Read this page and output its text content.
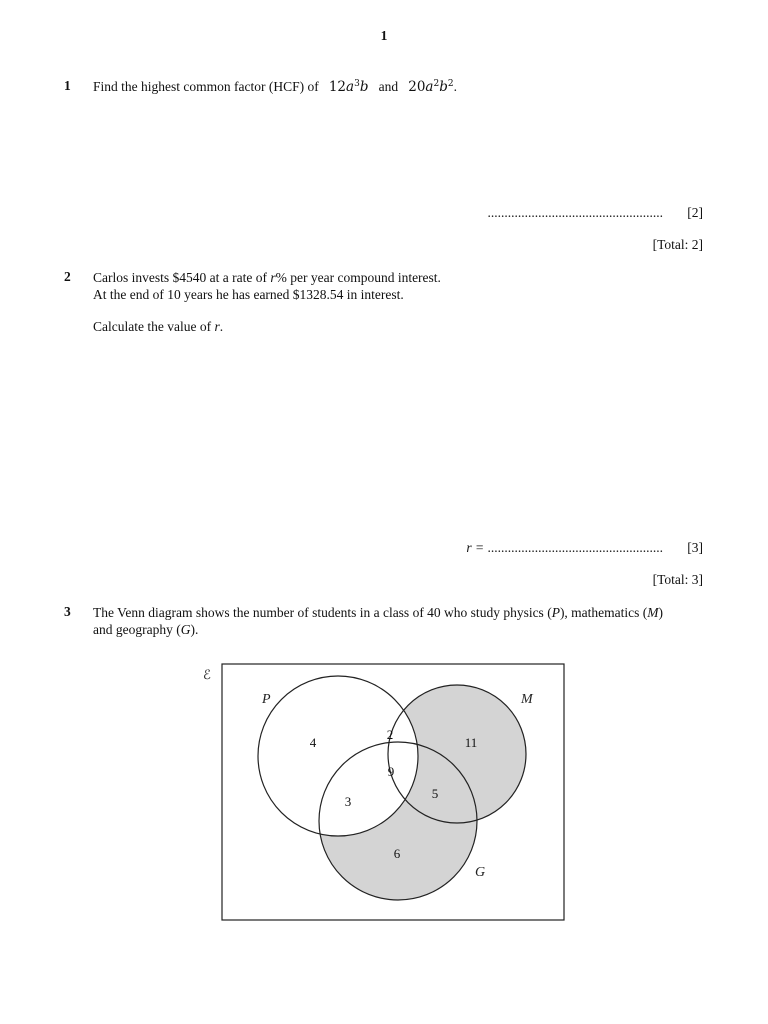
1
1 Find the highest common factor (HCF) of $12a^3b$ and $20a^2b^2$.
.................................................... [2]
[Total: 2]
2 Carlos invests $4540 at a rate of r% per year compound interest.
At the end of 10 years he has earned $1328.54 in interest.
Calculate the value of r.
r = .................................................... [3]
[Total: 3]
3 The Venn diagram shows the number of students in a class of 40 who study physics (P), mathematics (M)
and geography (G).
ℰ
P	M
G
4
2
11
9
3
5
6
